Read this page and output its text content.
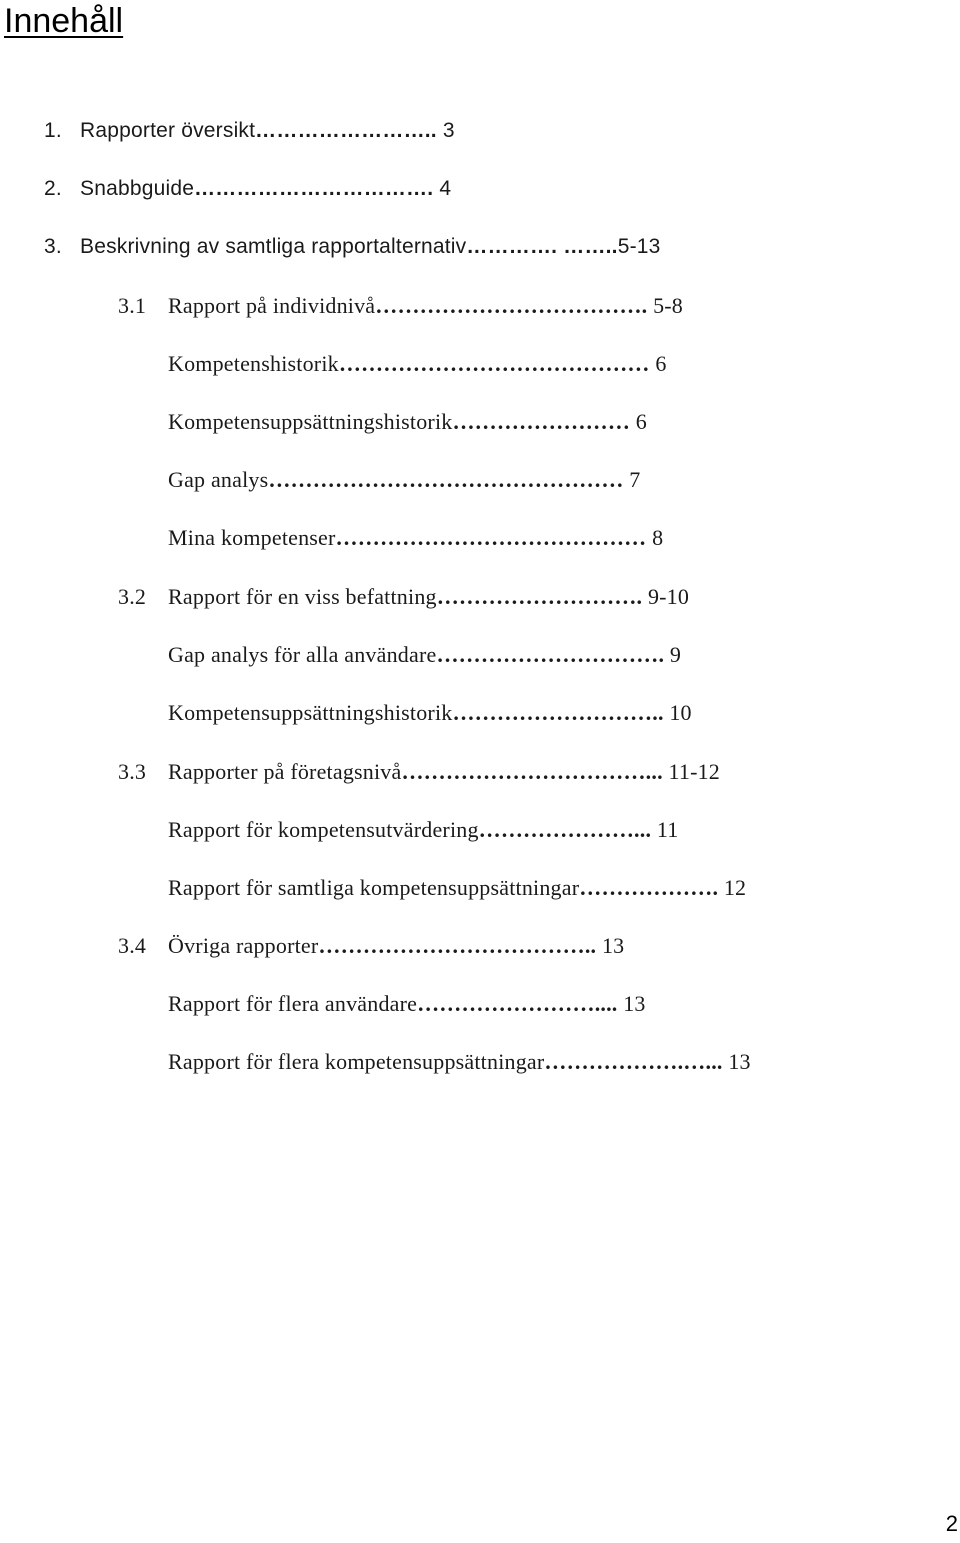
Innehåll
1. Rapporter översikt…………………….. 3
2. Snabbguide……………………………. 4
3. Beskrivning av samtliga rapportalternativ…………. ……..5-13
3.1 Rapport på individnivå………………………………. 5-8
Kompetenshistorik…………………………………… 6
Kompetensuppsättningshistorik…………………… 6
Gap analys………………………………………… 7
Mina kompetenser…………………………………… 8
3.2 Rapport för en viss befattning………………………. 9-10
Gap analys för alla användare…………………………. 9
Kompetensuppsättningshistorik……………………….. 10
3.3 Rapporter på företagsnivå……………………………... 11-12
Rapport för kompetensutvärdering…………………... 11
Rapport för samtliga kompetensuppsättningar………………. 12
3.4 Övriga rapporter……………………………….. 13
Rapport för flera användare…………………….... 13
Rapport för flera kompetensuppsättningar……………….…... 13
2
